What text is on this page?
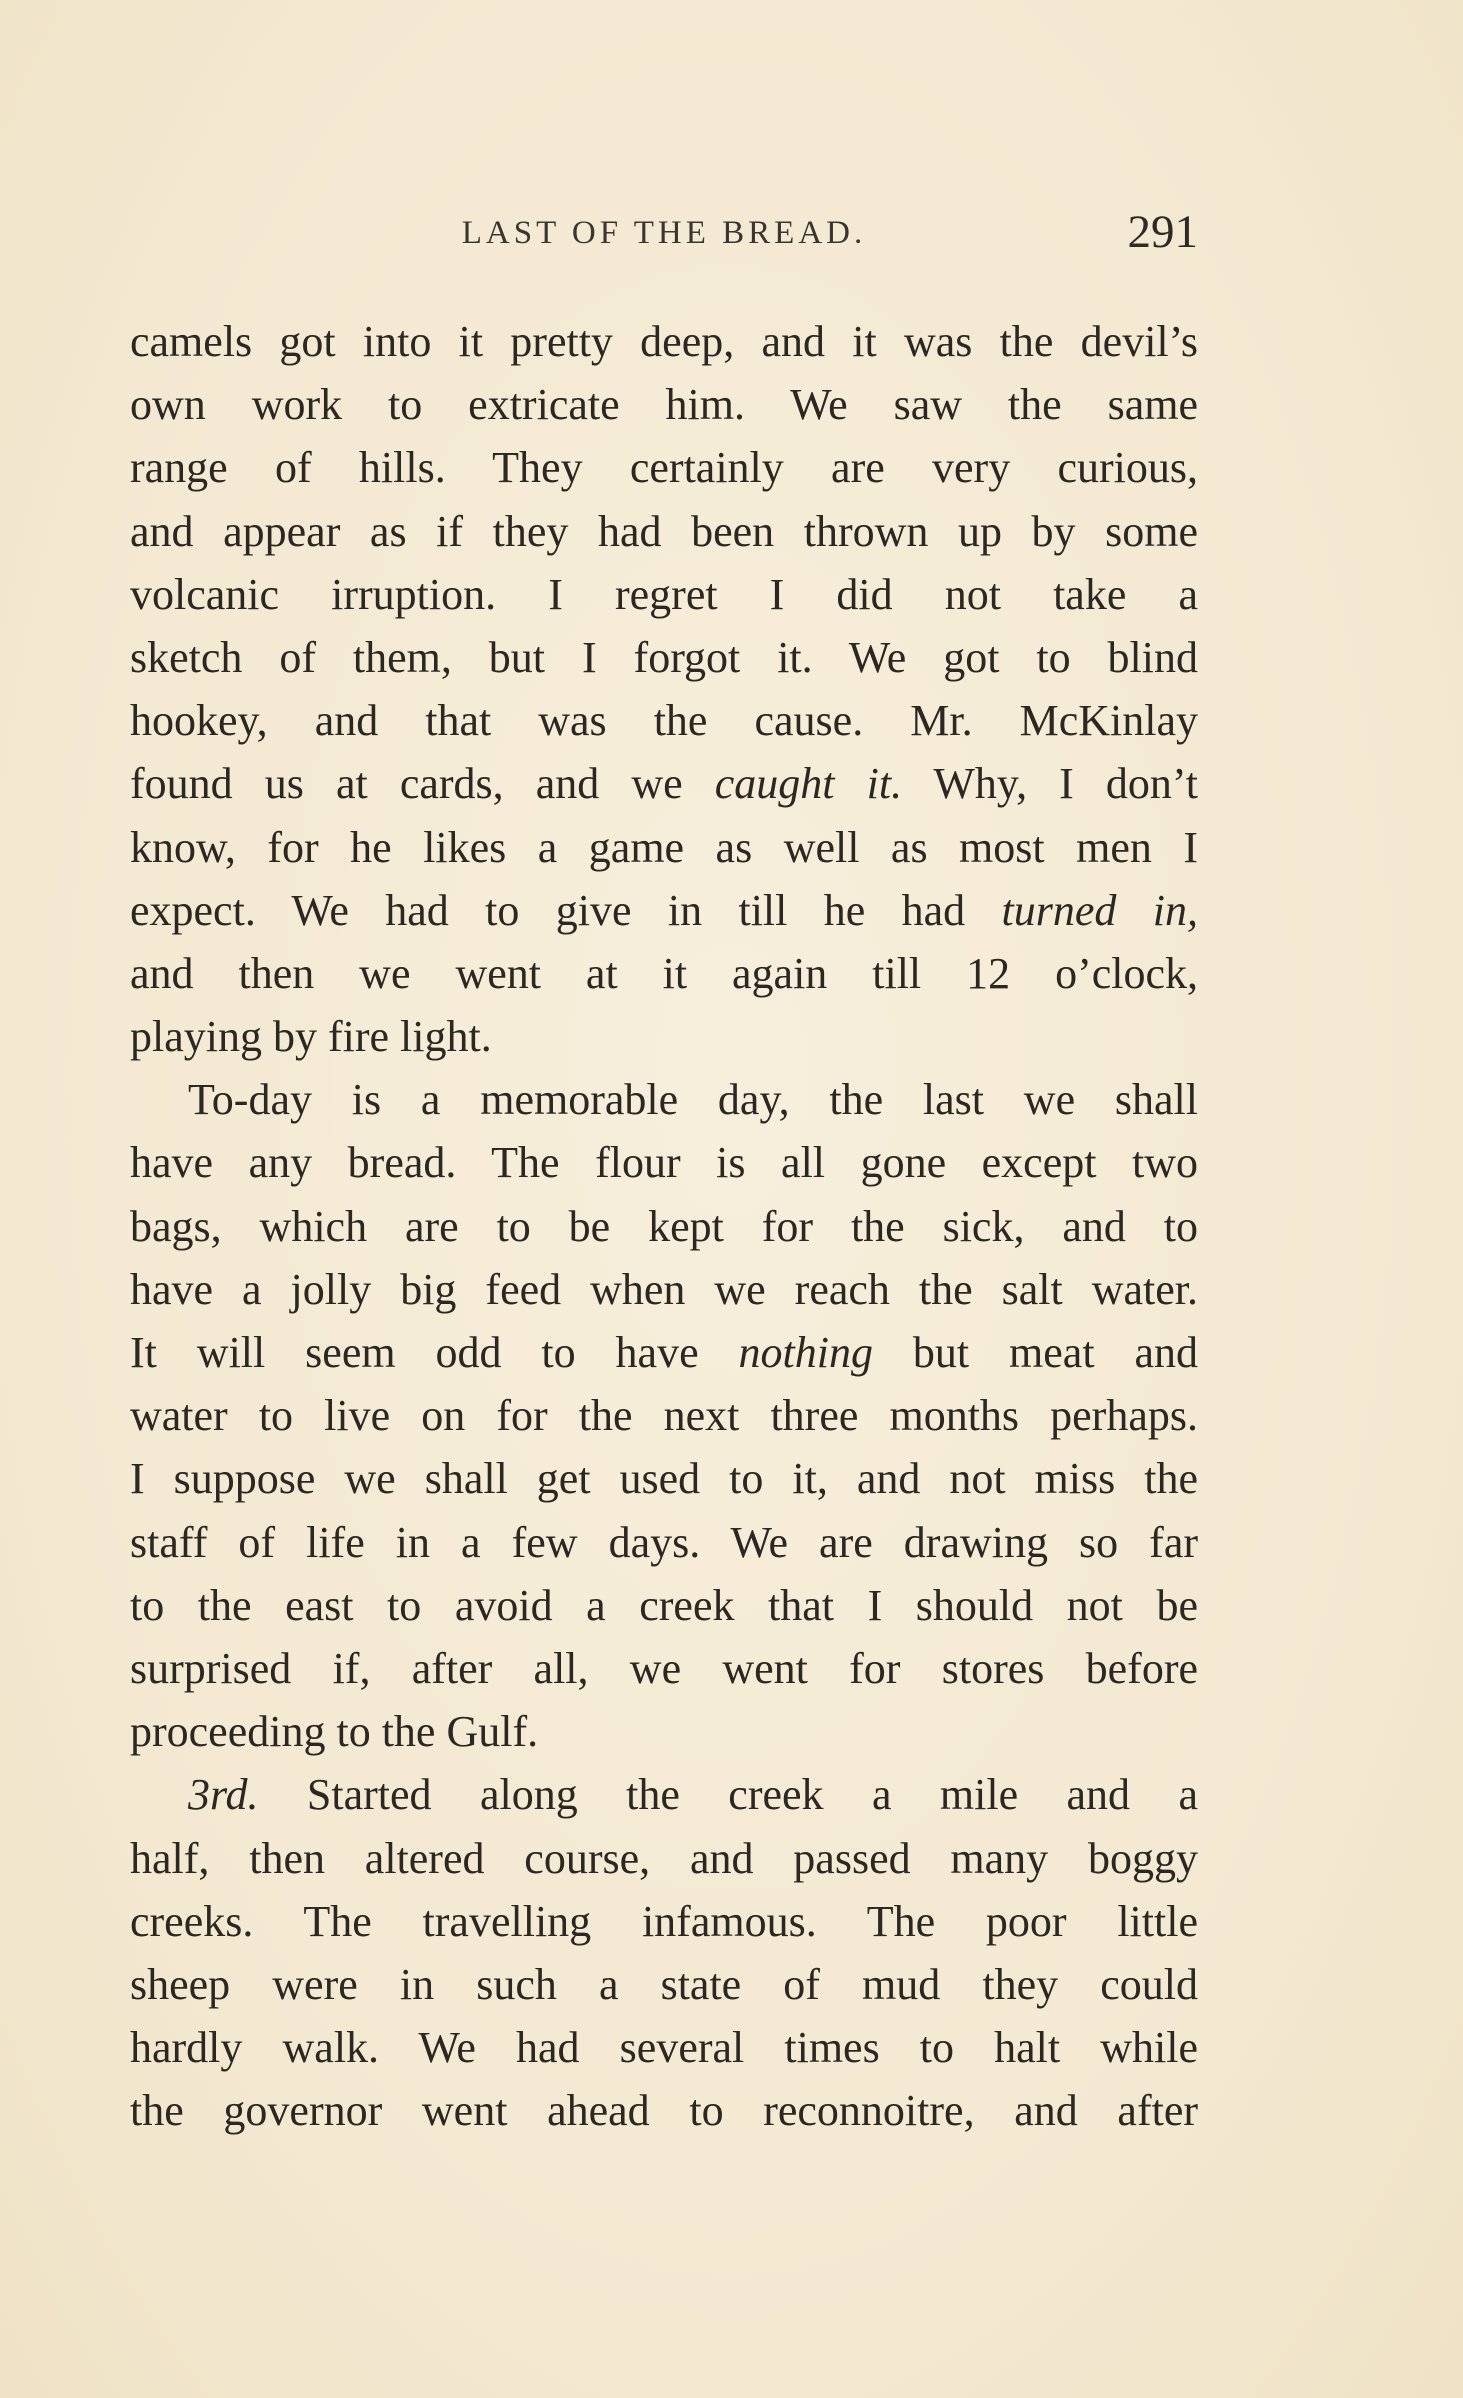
LAST OF THE BREAD.	291
camels got into it pretty deep, and it was the devil’s
own work to extricate him. We saw the same
range of hills. They certainly are very curious,
and appear as if they had been thrown up by some
volcanic irruption. I regret I did not take a
sketch of them, but I forgot it. We got to blind
hookey, and that was the cause. Mr. McKinlay
found us at cards, and we caught it. Why, I don’t
know, for he likes a game as well as most men I
expect. We had to give in till he had turned in,
and then we went at it again till 12 o’clock,
playing by fire light.
To-day is a memorable day, the last we shall
have any bread. The flour is all gone except two
bags, which are to be kept for the sick, and to
have a jolly big feed when we reach the salt water.
It will seem odd to have nothing but meat and
water to live on for the next three months perhaps.
I suppose we shall get used to it, and not miss the
staff of life in a few days. We are drawing so far
to the east to avoid a creek that I should not be
surprised if, after all, we went for stores before
proceeding to the Gulf.
3rd. Started along the creek a mile and a
half, then altered course, and passed many boggy
creeks. The travelling infamous. The poor little
sheep were in such a state of mud they could
hardly walk. We had several times to halt while
the governor went ahead to reconnoitre, and after
